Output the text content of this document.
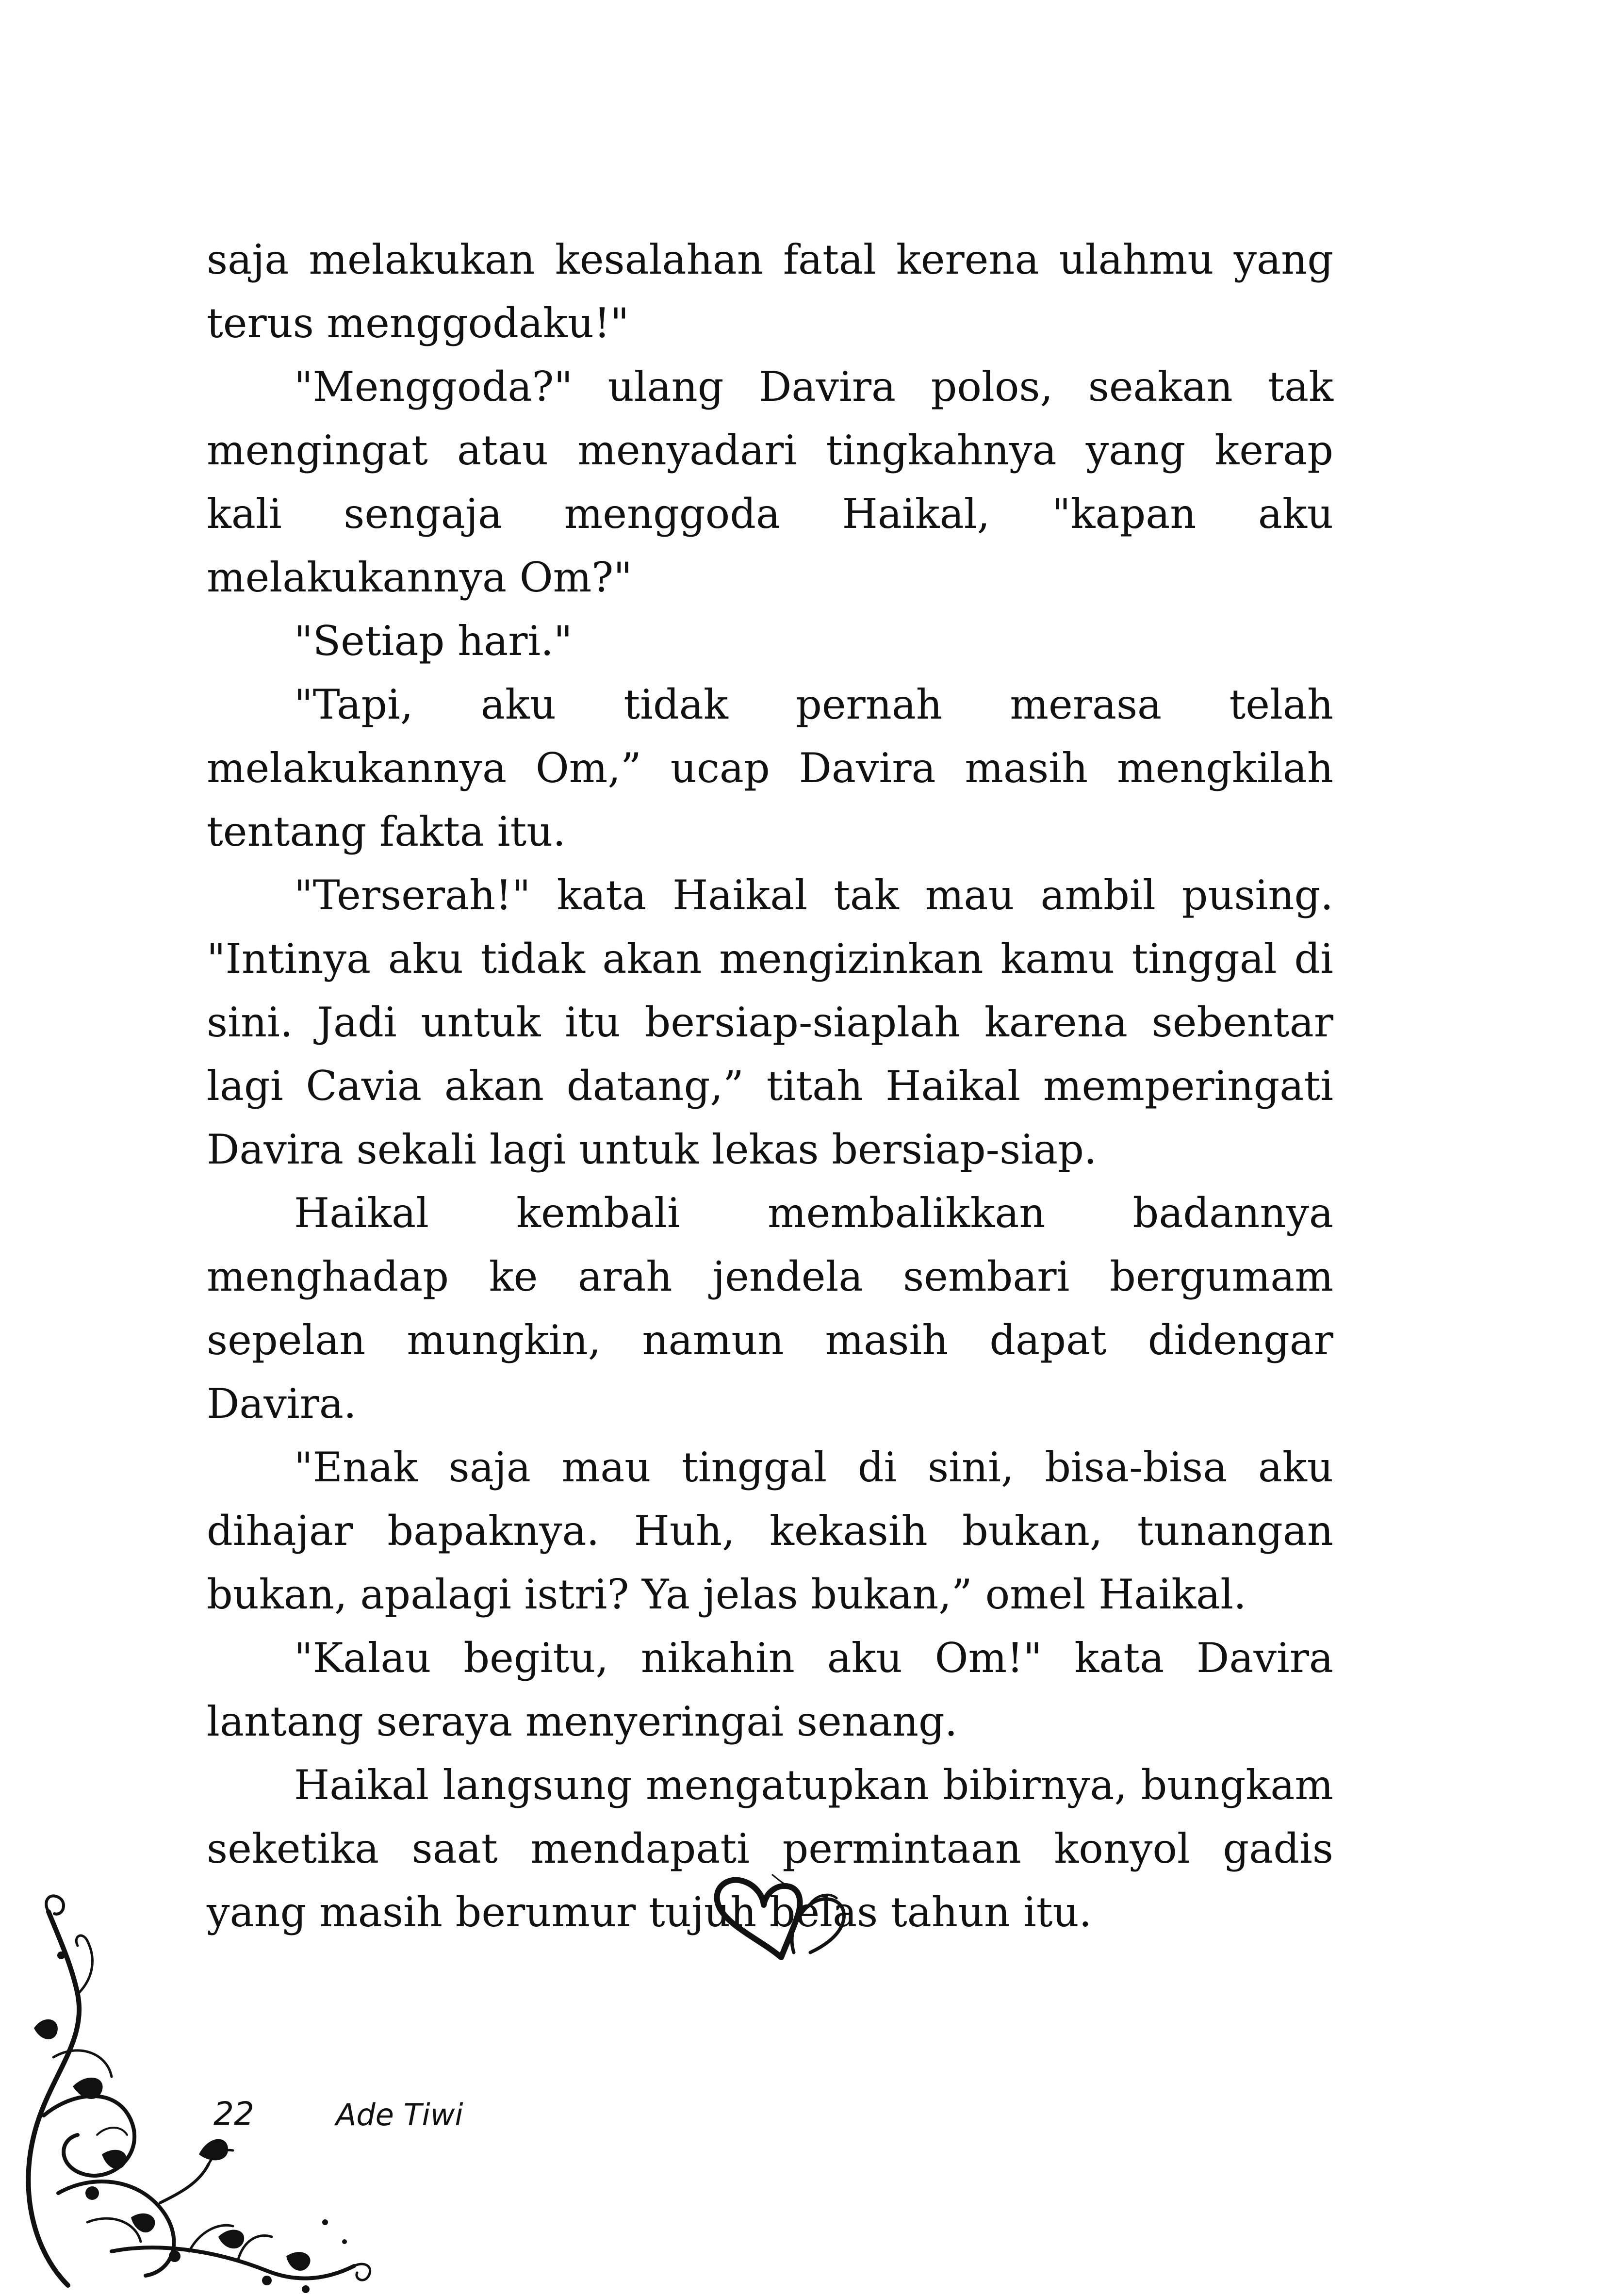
saja melakukan kesalahan fatal kerena ulahmu yang terus menggodaku!"

"Menggoda?" ulang Davira polos, seakan tak mengingat atau menyadari tingkahnya yang kerap kali sengaja menggoda Haikal, "kapan aku melakukannya Om?"

"Setiap hari."

"Tapi, aku tidak pernah merasa telah melakukannya Om,” ucap Davira masih mengkilah tentang fakta itu.

"Terserah!" kata Haikal tak mau ambil pusing. "Intinya aku tidak akan mengizinkan kamu tinggal di sini. Jadi untuk itu bersiap-siaplah karena sebentar lagi Cavia akan datang,” titah Haikal memperingati Davira sekali lagi untuk lekas bersiap-siap.

Haikal kembali membalikkan badannya menghadap ke arah jendela sembari bergumam sepelan mungkin, namun masih dapat didengar Davira.

"Enak saja mau tinggal di sini, bisa-bisa aku dihajar bapaknya. Huh, kekasih bukan, tunangan bukan, apalagi istri? Ya jelas bukan,” omel Haikal.

"Kalau begitu, nikahin aku Om!" kata Davira lantang seraya menyeringai senang.

Haikal langsung mengatupkan bibirnya, bungkam seketika saat mendapati permintaan konyol gadis yang masih berumur tujuh belas tahun itu.

22	Ade Tiwi
